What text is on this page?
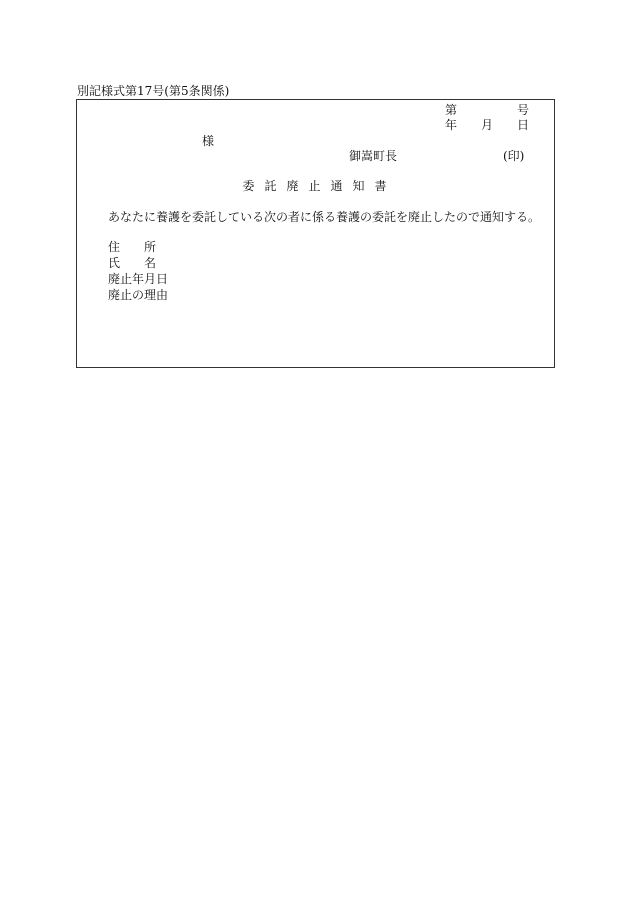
別記様式第17号(第5条関係)
第	号
年 月 日
様
御嵩町長	(印)
委託廃止通知書
あなたに養護を委託している次の者に係る養護の委託を廃止したので通知する。
住所
氏名
廃止年月日
廃止の理由
